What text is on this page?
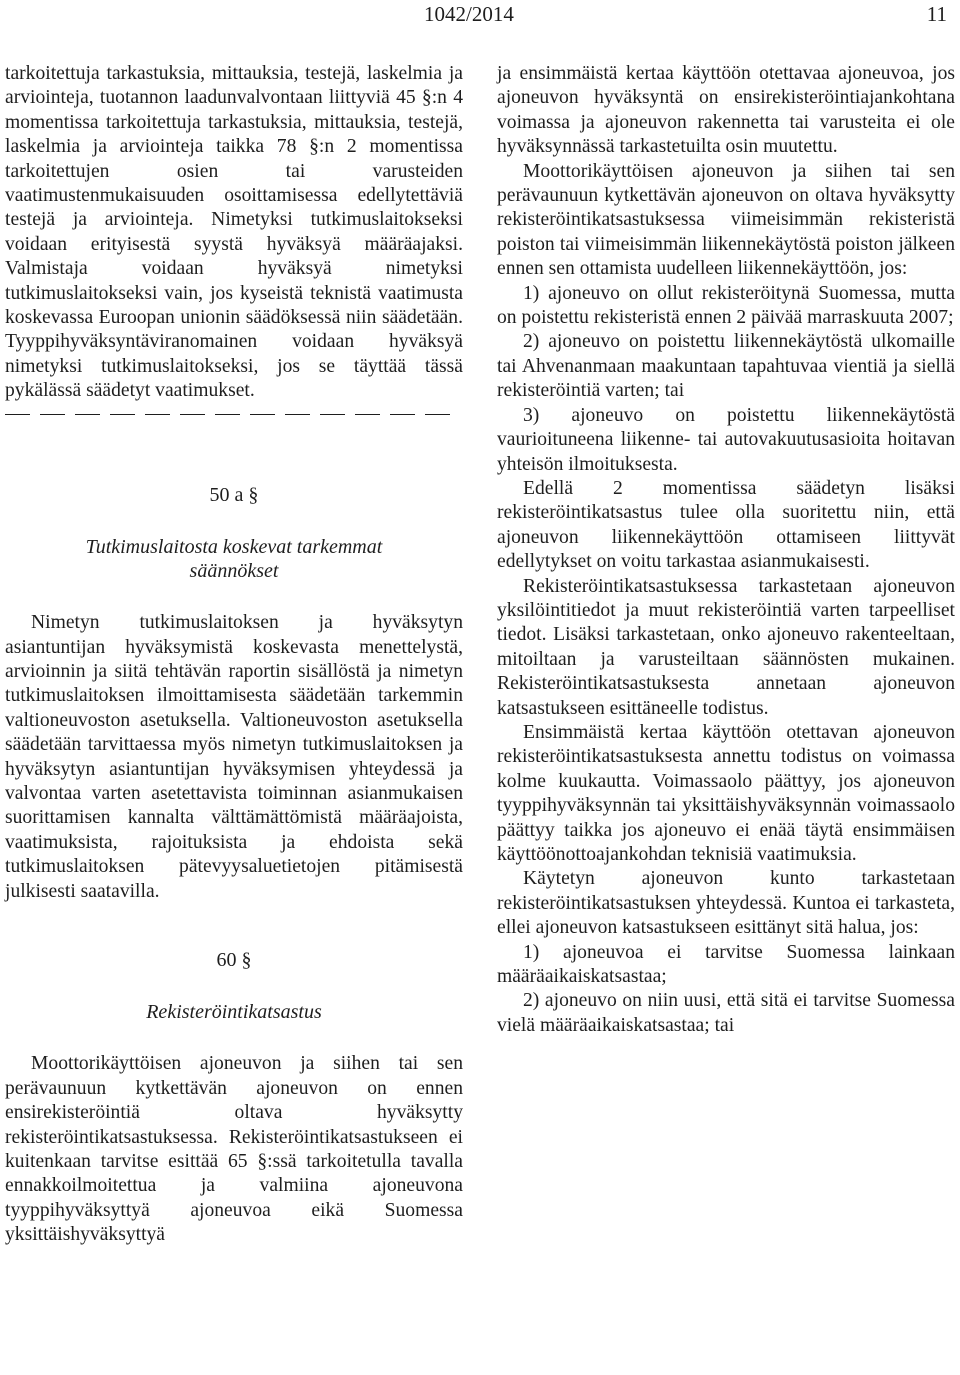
1042/2014	11

tarkoitettuja tarkastuksia, mittauksia, testejä, laskelmia ja arviointeja, tuotannon laadunvalvontaan liittyviä 45 §:n 4 momentissa tarkoitettuja tarkastuksia, mittauksia, testejä, laskelmia ja arviointeja taikka 78 §:n 2 momentissa tarkoitettujen osien tai varusteiden vaatimustenmukaisuuden osoittamisessa edellytettäviä testejä ja arviointeja. Nimetyksi tutkimuslaitokseksi voidaan erityisestä syystä hyväksyä määräajaksi. Valmistaja voidaan hyväksyä nimetyksi tutkimuslaitokseksi vain, jos kyseistä teknistä vaatimusta koskevassa Euroopan unionin säädöksessä niin säädetään. Tyyppihyväksyntäviranomainen voidaan hyväksyä nimetyksi tutkimuslaitokseksi, jos se täyttää tässä pykälässä säädetyt vaatimukset.

50 a §
Tutkimuslaitosta koskevat tarkemmat säännökset

Nimetyn tutkimuslaitoksen ja hyväksytyn asiantuntijan hyväksymistä koskevasta menettelystä, arvioinnin ja siitä tehtävän raportin sisällöstä ja nimetyn tutkimuslaitoksen ilmoittamisesta säädetään tarkemmin valtioneuvoston asetuksella. Valtioneuvoston asetuksella säädetään tarvittaessa myös nimetyn tutkimuslaitoksen ja hyväksytyn asiantuntijan hyväksymisen yhteydessä ja valvontaa varten asetettavista toiminnan asianmukaisen suorittamisen kannalta välttämättömistä määräajoista, vaatimuksista, rajoituksista ja ehdoista sekä tutkimuslaitoksen pätevyysaluetietojen pitämisestä julkisesti saatavilla.

60 §
Rekisteröintikatsastus

Moottorikäyttöisen ajoneuvon ja siihen tai sen perävaunuun kytkettävän ajoneuvon on ennen ensirekisteröintiä oltava hyväksytty rekisteröintikatsastuksessa. Rekisteröintikatsastukseen ei kuitenkaan tarvitse esittää 65 §:ssä tarkoitetulla tavalla ennakkoilmoitettua ja valmiina ajoneuvona tyyppihyväksyttyä ajoneuvoa eikä Suomessa yksittäishyväksyttyä

ja ensimmäistä kertaa käyttöön otettavaa ajoneuvoa, jos ajoneuvon hyväksyntä on ensirekisteröintiajankohtana voimassa ja ajoneuvon rakennetta tai varusteita ei ole hyväksynnässä tarkastetuilta osin muutettu.

Moottorikäyttöisen ajoneuvon ja siihen tai sen perävaunuun kytkettävän ajoneuvon on oltava hyväksytty rekisteröintikatsastuksessa viimeisimmän rekisteristä poiston tai viimeisimmän liikennekäytöstä poiston jälkeen ennen sen ottamista uudelleen liikennekäyttöön, jos:

1) ajoneuvo on ollut rekisteröitynä Suomessa, mutta on poistettu rekisteristä ennen 2 päivää marraskuuta 2007;

2) ajoneuvo on poistettu liikennekäytöstä ulkomaille tai Ahvenanmaan maakuntaan tapahtuvaa vientiä ja siellä rekisteröintiä varten; tai

3) ajoneuvo on poistettu liikennekäytöstä vaurioituneena liikenne- tai autovakuutusasioita hoitavan yhteisön ilmoituksesta.

Edellä 2 momentissa säädetyn lisäksi rekisteröintikatsastus tulee olla suoritettu niin, että ajoneuvon liikennekäyttöön ottamiseen liittyvät edellytykset on voitu tarkastaa asianmukaisesti.

Rekisteröintikatsastuksessa tarkastetaan ajoneuvon yksilöintitiedot ja muut rekisteröintiä varten tarpeelliset tiedot. Lisäksi tarkastetaan, onko ajoneuvo rakenteeltaan, mitoiltaan ja varusteiltaan säännösten mukainen. Rekisteröintikatsastuksesta annetaan ajoneuvon katsastukseen esittäneelle todistus.

Ensimmäistä kertaa käyttöön otettavan ajoneuvon rekisteröintikatsastuksesta annettu todistus on voimassa kolme kuukautta. Voimassaolo päättyy, jos ajoneuvon tyyppihyväksynnän tai yksittäishyväksynnän voimassaolo päättyy taikka jos ajoneuvo ei enää täytä ensimmäisen käyttöönottoajankohdan teknisiä vaatimuksia.

Käytetyn ajoneuvon kunto tarkastetaan rekisteröintikatsastuksen yhteydessä. Kuntoa ei tarkasteta, ellei ajoneuvon katsastukseen esittänyt sitä halua, jos:

1) ajoneuvoa ei tarvitse Suomessa lainkaan määräaikaiskatsastaa;

2) ajoneuvo on niin uusi, että sitä ei tarvitse Suomessa vielä määräaikaiskatsastaa; tai
